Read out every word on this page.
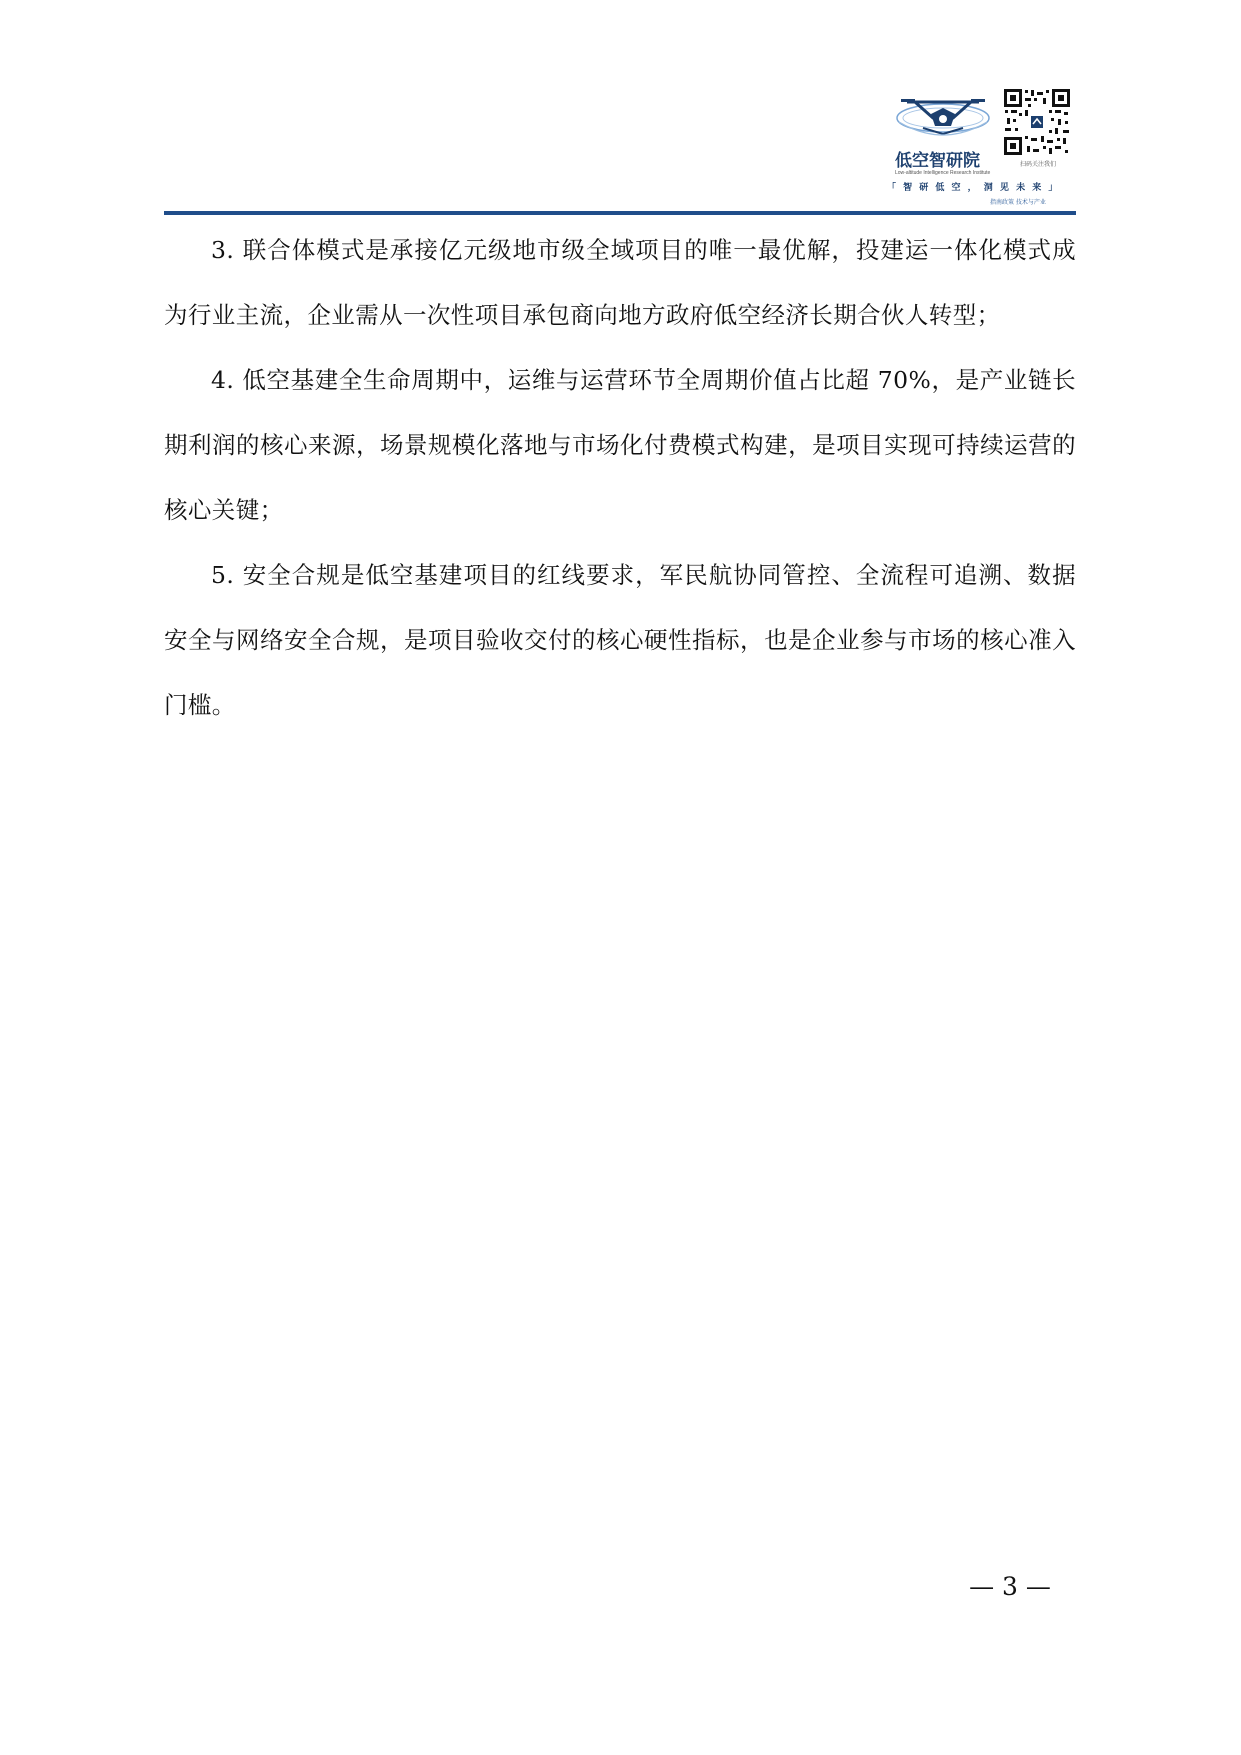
低空智研院
Low-altitude Intelligence Research Institute
扫码关注我们
「 智 研 低 空 ， 洞 见 未 来 」
指南政策 技术与产业

3. 联合体模式是承接亿元级地市级全域项目的唯一最优解，投建运一体化模式成为行业主流，企业需从一次性项目承包商向地方政府低空经济长期合伙人转型；

4. 低空基建全生命周期中，运维与运营环节全周期价值占比超 70%，是产业链长期利润的核心来源，场景规模化落地与市场化付费模式构建，是项目实现可持续运营的核心关键；

5. 安全合规是低空基建项目的红线要求，军民航协同管控、全流程可追溯、数据安全与网络安全合规，是项目验收交付的核心硬性指标，也是企业参与市场的核心准入门槛。

— 3 —
